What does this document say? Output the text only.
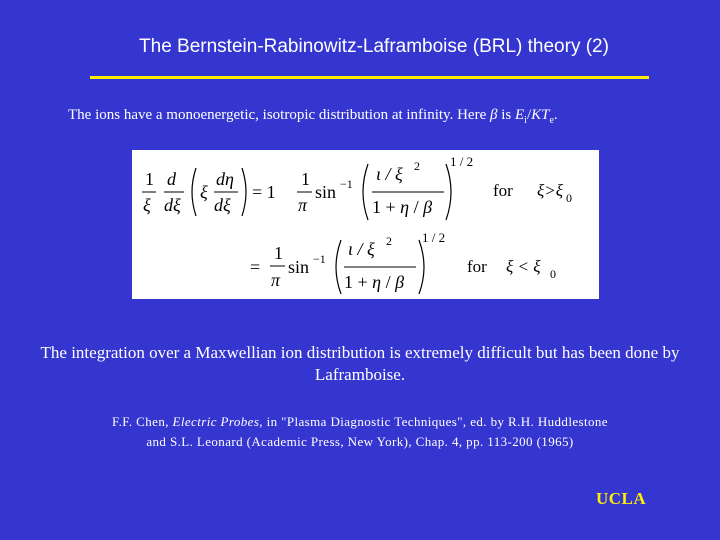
The Bernstein-Rabinowitz-Laframboise (BRL) theory (2)
The ions have a monoenergetic, isotropic distribution at infinity. Here β is $E_i/KT_e$.
1
ξ
d
dξ
ξ
dη
dξ
= 1
1
π
sin −1 ι / ξ 2
1 + η / β
1 / 2
for ξ>ξ 0
=
1
π
sin −1 ι / ξ 2
1 + η / β
1 / 2
for ξ < ξ 0
The integration over a Maxwellian ion distribution is extremely difficult but has been done by Laframboise.
F.F. Chen, Electric Probes, in "Plasma Diagnostic Techniques", ed. by R.H. Huddlestone
and S.L. Leonard (Academic Press, New York), Chap. 4, pp. 113-200 (1965)
UCLA
